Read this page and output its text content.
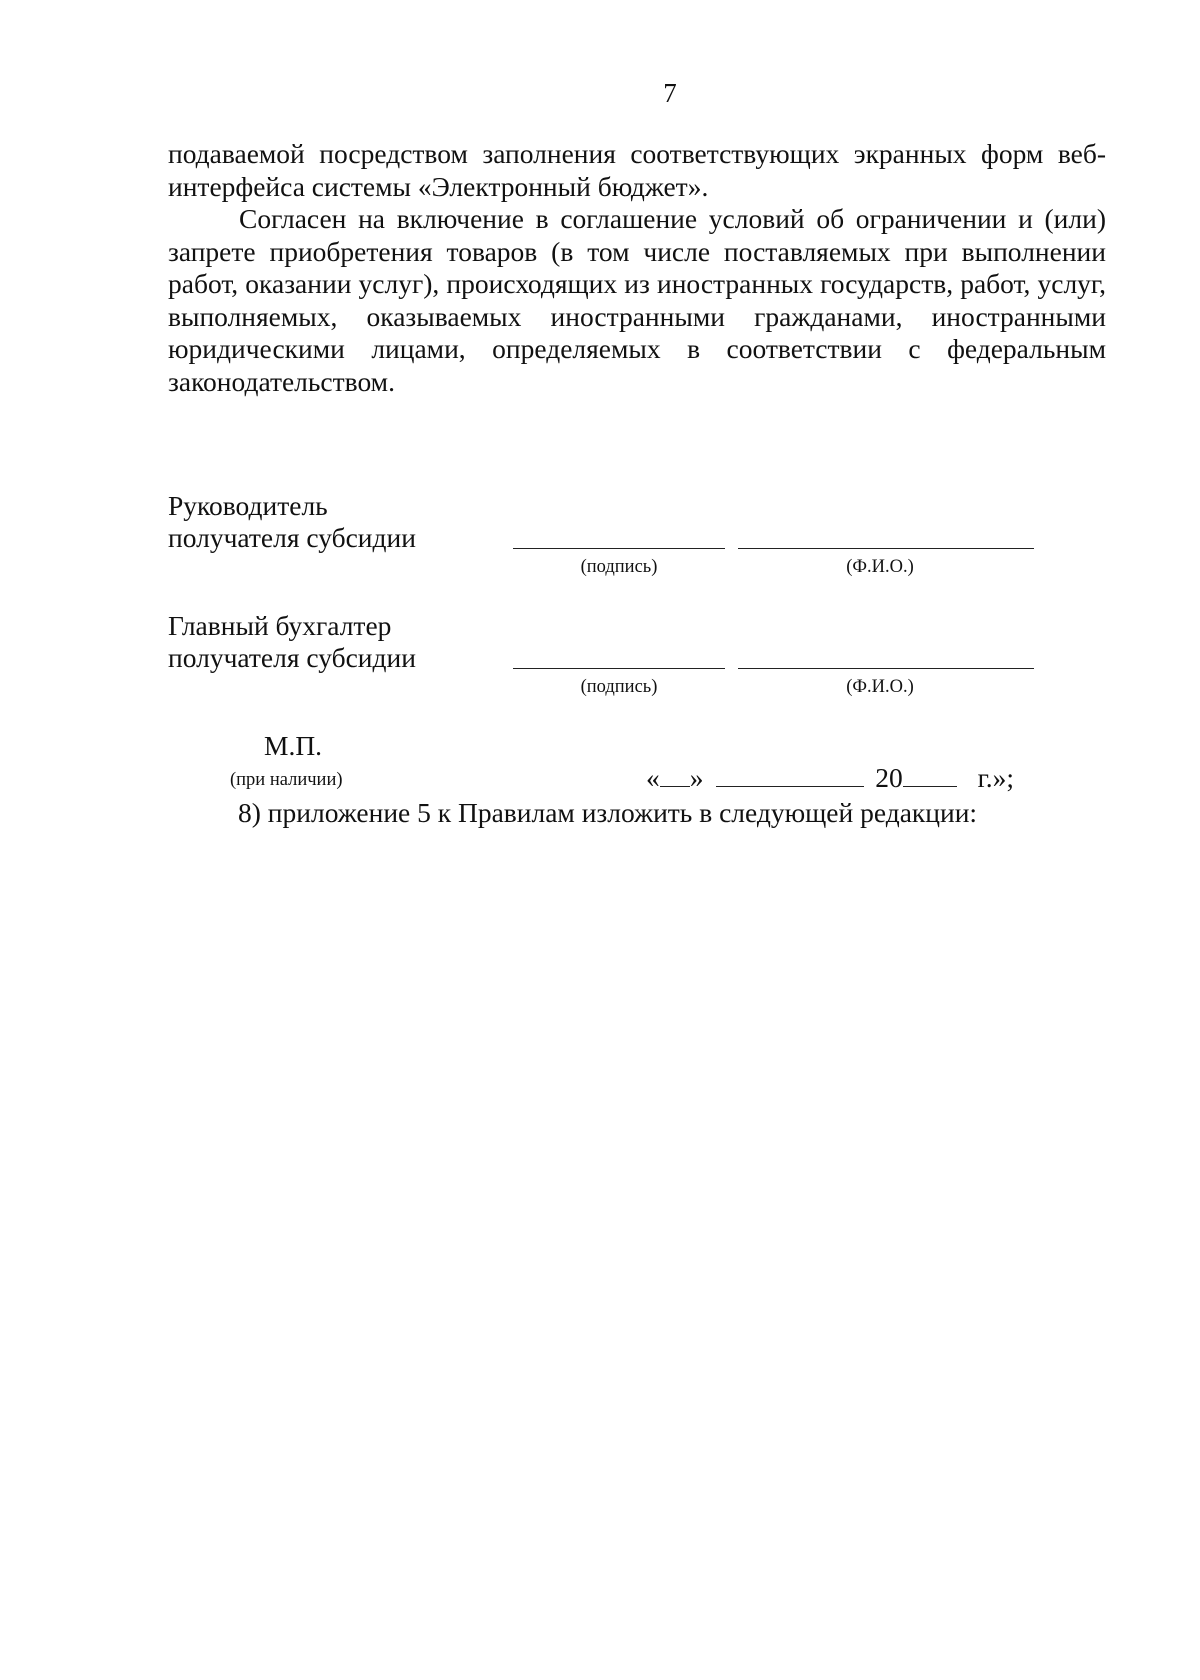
7

подаваемой посредством заполнения соответствующих экранных форм веб-

интерфейса системы «Электронный бюджет».

Согласен на включение в соглашение условий об ограничении и (или) запрете приобретения товаров (в том числе поставляемых при выполнении работ, оказании услуг), происходящих из иностранных государств, работ, услуг, выполняемых, оказываемых иностранными гражданами, иностранными юридическими лицами, определяемых в соответствии с федеральным законодательством.

Руководитель
получателя субсидии
(подпись)	(Ф.И.О.)
Главный бухгалтер
получателя субсидии
(подпись)	(Ф.И.О.)
М.П.
(при наличии)	« »	20	г.»;
8) приложение 5 к Правилам изложить в следующей редакции:
